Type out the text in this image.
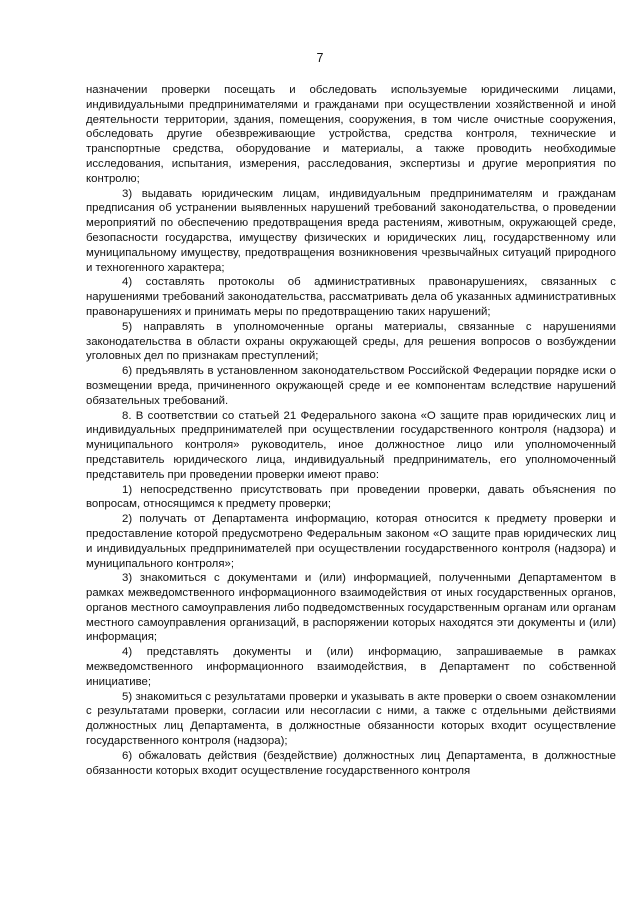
7

назначении проверки посещать и обследовать используемые юридическими лицами, индивидуальными предпринимателями и гражданами при осуществлении хозяйственной и иной деятельности территории, здания, помещения, сооружения, в том числе очистные сооружения, обследовать другие обезвреживающие устройства, средства контроля, технические и транспортные средства, оборудование и материалы, а также проводить необходимые исследования, испытания, измерения, расследования, экспертизы и другие мероприятия по контролю;

3) выдавать юридическим лицам, индивидуальным предпринимателям и гражданам предписания об устранении выявленных нарушений требований законодательства, о проведении мероприятий по обеспечению предотвращения вреда растениям, животным, окружающей среде, безопасности государства, имуществу физических и юридических лиц, государственному или муниципальному имуществу, предотвращения возникновения чрезвычайных ситуаций природного и техногенного характера;

4) составлять протоколы об административных правонарушениях, связанных с нарушениями требований законодательства, рассматривать дела об указанных административных правонарушениях и принимать меры по предотвращению таких нарушений;

5) направлять в уполномоченные органы материалы, связанные с нарушениями законодательства в области охраны окружающей среды, для решения вопросов о возбуждении уголовных дел по признакам преступлений;

6) предъявлять в установленном законодательством Российской Федерации порядке иски о возмещении вреда, причиненного окружающей среде и ее компонентам вследствие нарушений обязательных требований.

8. В соответствии со статьей 21 Федерального закона «О защите прав юридических лиц и индивидуальных предпринимателей при осуществлении государственного контроля (надзора) и муниципального контроля» руководитель, иное должностное лицо или уполномоченный представитель юридического лица, индивидуальный предприниматель, его уполномоченный представитель при проведении проверки имеют право:

1) непосредственно присутствовать при проведении проверки, давать объяснения по вопросам, относящимся к предмету проверки;

2) получать от Департамента информацию, которая относится к предмету проверки и предоставление которой предусмотрено Федеральным законом «О защите прав юридических лиц и индивидуальных предпринимателей при осуществлении государственного контроля (надзора) и муниципального контроля»;

3) знакомиться с документами и (или) информацией, полученными Департаментом в рамках межведомственного информационного взаимодействия от иных государственных органов, органов местного самоуправления либо подведомственных государственным органам или органам местного самоуправления организаций, в распоряжении которых находятся эти документы и (или) информация;

4) представлять документы и (или) информацию, запрашиваемые в рамках межведомственного информационного взаимодействия, в Департамент по собственной инициативе;

5) знакомиться с результатами проверки и указывать в акте проверки о своем ознакомлении с результатами проверки, согласии или несогласии с ними, а также с отдельными действиями должностных лиц Департамента, в должностные обязанности которых входит осуществление государственного контроля (надзора);

6) обжаловать действия (бездействие) должностных лиц Департамента, в должностные обязанности которых входит осуществление государственного контроля
